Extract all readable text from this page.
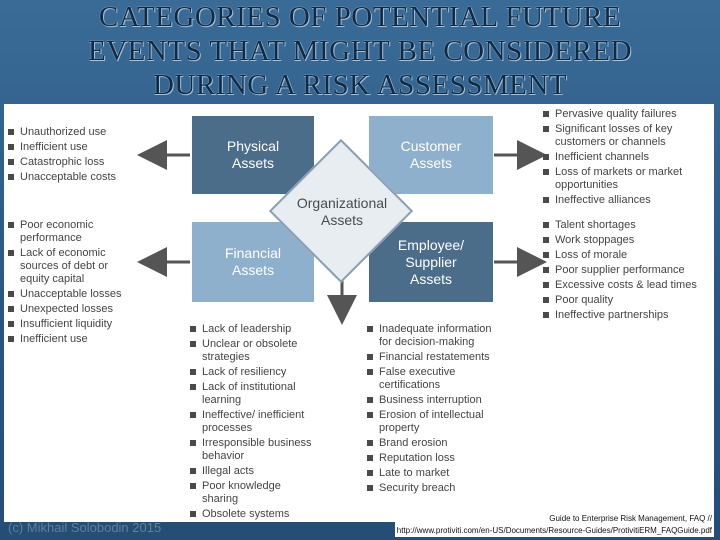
CATEGORIES OF POTENTIAL FUTURE
EVENTS THAT MIGHT BE CONSIDERED
DURING A RISK ASSESSMENT
Physical
Assets
Customer
Assets
Financial
Assets
Employee/
Supplier
Assets
Organizational
Assets
Unauthorized use
Inefficient use
Catastrophic loss
Unacceptable costs
Poor economic performance
Lack of economic sources of debt or equity capital
Unacceptable losses
Unexpected losses
Insufficient liquidity
Inefficient use
Pervasive quality failures
Significant losses of key customers or channels
Inefficient channels
Loss of markets or market opportunities
Ineffective alliances
Talent shortages
Work stoppages
Loss of morale
Poor supplier performance
Excessive costs & lead times
Poor quality
Ineffective partnerships
Lack of leadership
Unclear or obsolete strategies
Lack of resiliency
Lack of institutional learning
Ineffective/ inefficient processes
Irresponsible business behavior
Illegal acts
Poor knowledge sharing
Obsolete systems
Inadequate information for decision-making
Financial restatements
False executive certifications
Business interruption
Erosion of intellectual property
Brand erosion
Reputation loss
Late to market
Security breach
(c) Mikhail Solobodin 2015
Guide to Enterprise Risk Management, FAQ //
http://www.protiviti.com/en-US/Documents/Resource-Guides/ProtivitiERM_FAQGuide.pdf
